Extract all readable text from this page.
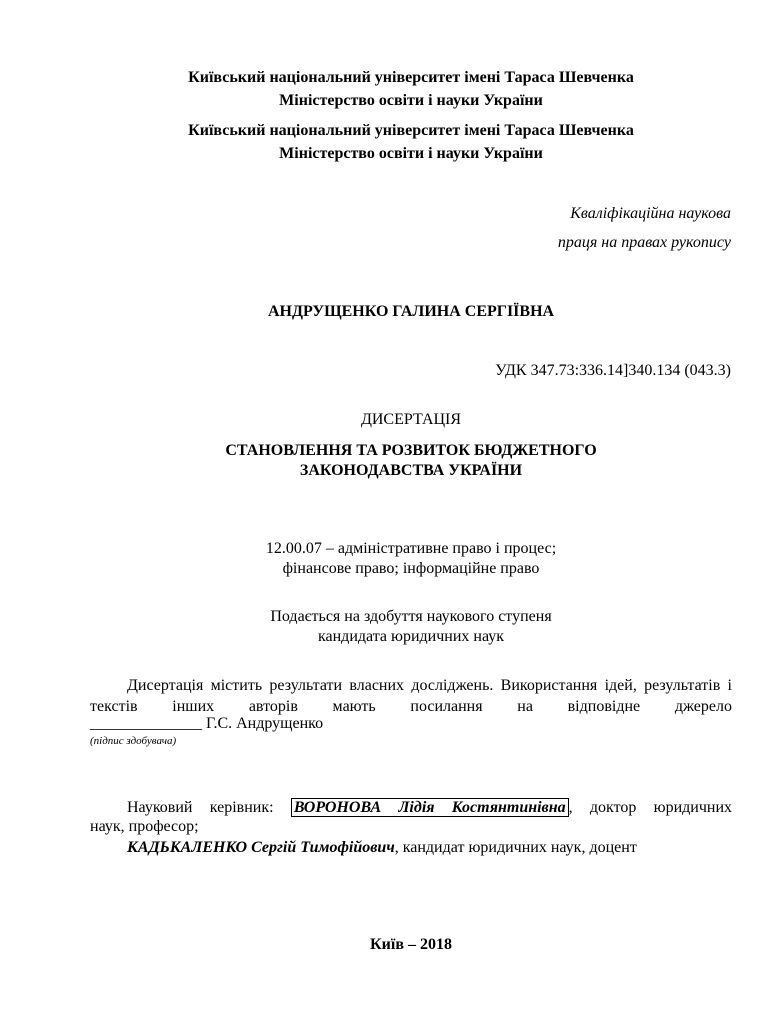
Київський національний університет імені Тараса Шевченка
Міністерство освіти і науки України
Київський національний університет імені Тараса Шевченка
Міністерство освіти і науки України
Кваліфікаційна наукова
праця на правах рукопису
АНДРУЩЕНКО ГАЛИНА СЕРГІЇВНА
УДК 347.73:336.14]340.134 (043.3)
ДИСЕРТАЦІЯ
СТАНОВЛЕННЯ ТА РОЗВИТОК БЮДЖЕТНОГО
ЗАКОНОДАВСТВА УКРАЇНИ
12.00.07 – адміністративне право і процес;
фінансове право; інформаційне право
Подається на здобуття наукового ступеня
кандидата юридичних наук
Дисертація містить результати власних досліджень. Використання ідей, результатів і текстів інших авторів мають посилання на відповідне джерело
______________ Г.С. Андрущенко
(підпис здобувача)
Науковий керівник: ВОРОНОВА Лідія Костянтинівна , доктор юридичних
наук, професор;
КАДЬКАЛЕНКО Сергій Тимофійович, кандидат юридичних наук, доцент
Київ – 2018
